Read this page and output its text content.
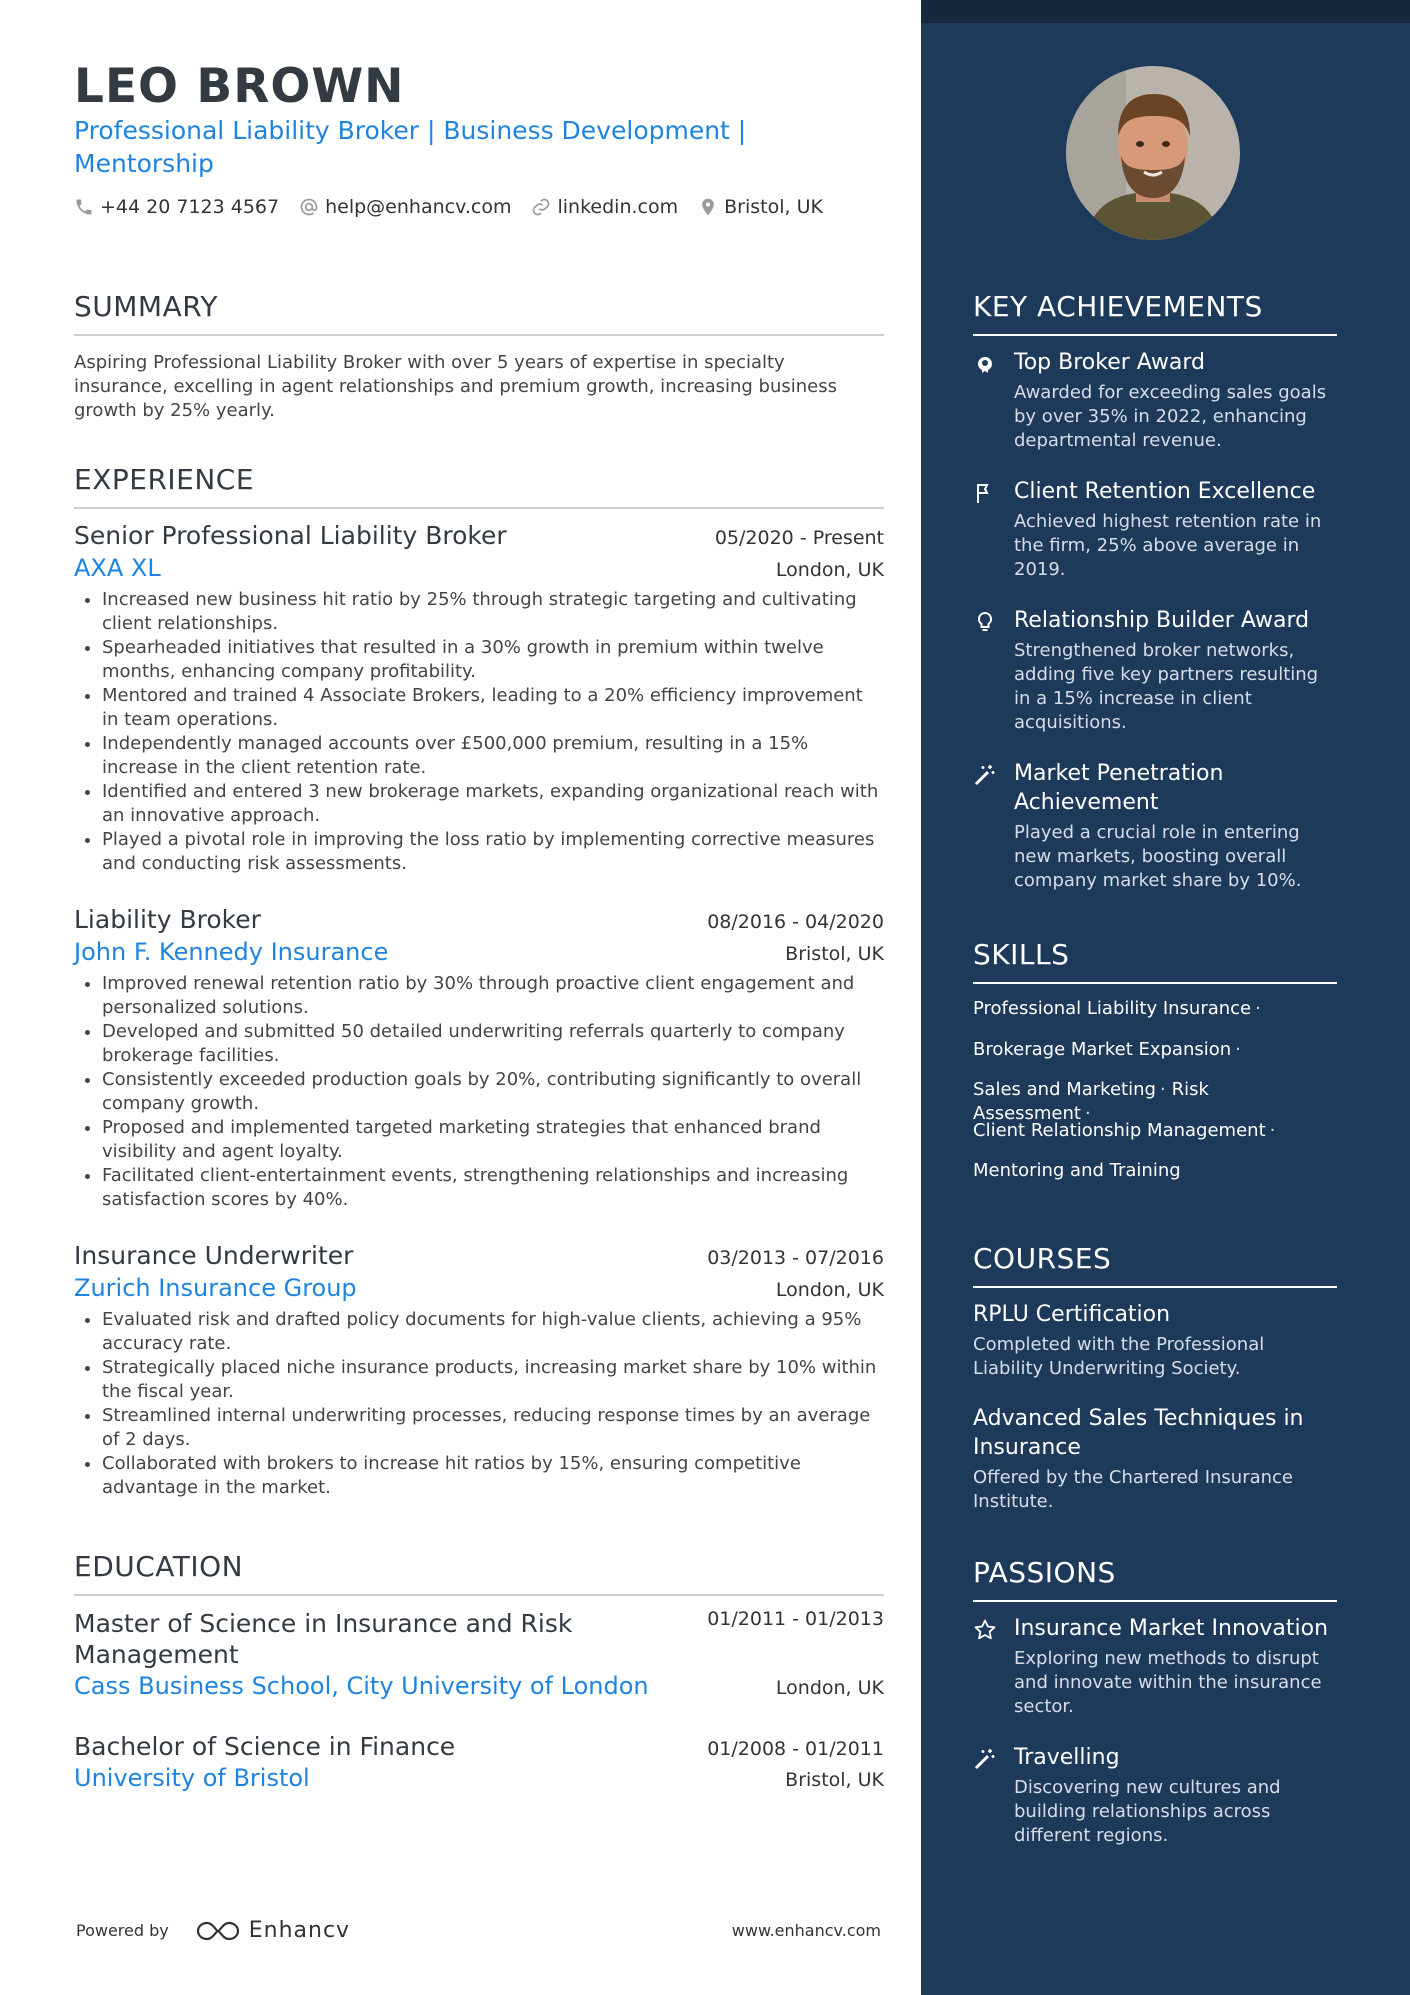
LEO BROWN
Professional Liability Broker | Business Development | Mentorship
+44 20 7123 4567 help@enhancv.com linkedin.com Bristol, UK
SUMMARY
Aspiring Professional Liability Broker with over 5 years of expertise in specialty insurance, excelling in agent relationships and premium growth, increasing business growth by 25% yearly.
EXPERIENCE
Senior Professional Liability Broker	05/2020 - Present
AXA XL	London, UK
• Increased new business hit ratio by 25% through strategic targeting and cultivating client relationships.
• Spearheaded initiatives that resulted in a 30% growth in premium within twelve months, enhancing company profitability.
• Mentored and trained 4 Associate Brokers, leading to a 20% efficiency improvement in team operations.
• Independently managed accounts over £500,000 premium, resulting in a 15% increase in the client retention rate.
• Identified and entered 3 new brokerage markets, expanding organizational reach with an innovative approach.
• Played a pivotal role in improving the loss ratio by implementing corrective measures and conducting risk assessments.
Liability Broker	08/2016 - 04/2020
John F. Kennedy Insurance	Bristol, UK
• Improved renewal retention ratio by 30% through proactive client engagement and personalized solutions.
• Developed and submitted 50 detailed underwriting referrals quarterly to company brokerage facilities.
• Consistently exceeded production goals by 20%, contributing significantly to overall company growth.
• Proposed and implemented targeted marketing strategies that enhanced brand visibility and agent loyalty.
• Facilitated client-entertainment events, strengthening relationships and increasing satisfaction scores by 40%.
Insurance Underwriter	03/2013 - 07/2016
Zurich Insurance Group	London, UK
• Evaluated risk and drafted policy documents for high-value clients, achieving a 95% accuracy rate.
• Strategically placed niche insurance products, increasing market share by 10% within the fiscal year.
• Streamlined internal underwriting processes, reducing response times by an average of 2 days.
• Collaborated with brokers to increase hit ratios by 15%, ensuring competitive advantage in the market.
EDUCATION
Master of Science in Insurance and Risk Management
01/2011 - 01/2013
Cass Business School, City University of London	London, UK
Bachelor of Science in Finance	01/2008 - 01/2011
University of Bristol	Bristol, UK
Powered by	Enhancv	www.enhancv.com
KEY ACHIEVEMENTS
Top Broker Award
Awarded for exceeding sales goals by over 35% in 2022, enhancing departmental revenue.
Client Retention Excellence
Achieved highest retention rate in the firm, 25% above average in 2019.
Relationship Builder Award
Strengthened broker networks, adding five key partners resulting in a 15% increase in client acquisitions.
Market Penetration Achievement
Played a crucial role in entering new markets, boosting overall company market share by 10%.
SKILLS
Professional Liability Insurance ·
Brokerage Market Expansion ·
Sales and Marketing · Risk Assessment ·
Client Relationship Management ·
Mentoring and Training
COURSES
RPLU Certification
Completed with the Professional Liability Underwriting Society.
Advanced Sales Techniques in Insurance
Offered by the Chartered Insurance Institute.
PASSIONS
Insurance Market Innovation
Exploring new methods to disrupt and innovate within the insurance sector.
Travelling
Discovering new cultures and building relationships across different regions.
